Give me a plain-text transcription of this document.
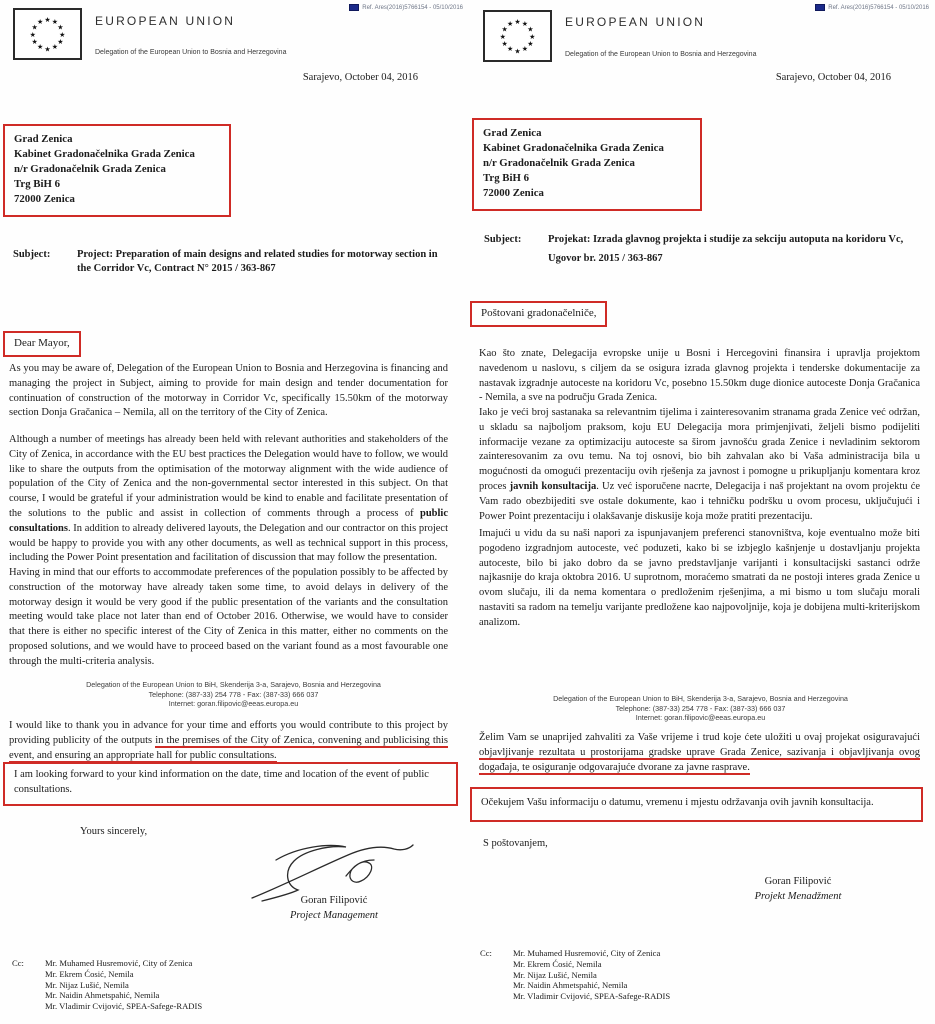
Ref. Ares(2016)5766154 - 05/10/2016
★ ★
★
★
★
★
★
★
★
★
★
★	EUROPEAN UNION
Delegation of the European Union to Bosnia and Herzegovina
Sarajevo, October 04, 2016
Grad Zenica
Kabinet Gradonačelnika Grada Zenica
n/r Gradonačelnik Grada Zenica
Trg BiH 6
72000 Zenica
Subject:	Project: Preparation of main designs and related studies for motorway section in the Corridor Vc, Contract N° 2015 / 363-867
Dear Mayor,
As you may be aware of, Delegation of the European Union to Bosnia and Herzegovina is financing and managing the project in Subject, aiming to provide for main design and tender documentation for continuation of construction of the motorway in Corridor Vc, specifically 15.50km of the motorway section Donja Gračanica – Nemila, all on the territory of the City of Zenica.
Although a number of meetings has already been held with relevant authorities and stakeholders of the City of Zenica, in accordance with the EU best practices the Delegation would have to follow, we would like to share the outputs from the optimisation of the motorway alignment with the wide audience of population of the City of Zenica and the non-governmental sector interested in this subject. On that course, I would be grateful if your administration would be kind to enable and facilitate presentation of the solutions to the public and assist in collection of comments through a process of public consultations. In addition to already delivered layouts, the Delegation and our contractor on this project would be happy to provide you with any other documents, as well as technical support in this process, including the Power Point presentation and facilitation of discussion that may follow the presentation.
Having in mind that our efforts to accommodate preferences of the population possibly to be affected by construction of the motorway have already taken some time, to avoid delays in delivery of the motorway design it would be very good if the public presentation of the variants and the consultation meeting would take place not later than end of October 2016. Otherwise, we would have to consider that there is either no specific interest of the City of Zenica in this matter, either no comments on the proposed solutions, and we would have to proceed based on the variant found as a most favourable one through the multi-criteria analysis.
Delegation of the European Union to BiH, Skenderija 3-a, Sarajevo, Bosnia and Herzegovina
Telephone: (387-33) 254 778 - Fax: (387-33) 666 037
Internet: goran.filipovic@eeas.europa.eu
I would like to thank you in advance for your time and efforts you would contribute to this project by providing publicity of the outputs in the premises of the City of Zenica, convening and publicising this event, and ensuring an appropriate hall for public consultations.
I am looking forward to your kind information on the date, time and location of the event of public consultations.
Yours sincerely,
Goran Filipović
Project Management
Cc:	Mr. Muhamed Husremović, City of Zenica
Mr. Ekrem Ćosić, Nemila
Mr. Nijaz Lušić, Nemila
Mr. Naidin Ahmetspahić, Nemila
Mr. Vladimir Cvijović, SPEA-Safege-RADIS
Ref. Ares(2016)5766154 - 05/10/2016
★ ★
★
★
★
★
★
★
★
★
★
★	EUROPEAN UNION
Delegation of the European Union to Bosnia and Herzegovina
Sarajevo, October 04, 2016
Grad Zenica
Kabinet Gradonačelnika Grada Zenica
n/r Gradonačelnik Grada Zenica
Trg BiH 6
72000 Zenica
Subject:	Projekat: Izrada glavnog projekta i studije za sekciju autoputa na koridoru Vc,
Ugovor br. 2015 / 363-867
Poštovani gradonačelniče,
Kao što znate, Delegacija evropske unije u Bosni i Hercegovini finansira i upravlja projektom navedenom u naslovu, s ciljem da se osigura izrada glavnog projekta i tenderske dokumentacije za nastavak izgradnje autoceste na koridoru Vc, posebno 15.50km duge dionice autoceste Donja Gračanica - Nemila, a sve na području Grada Zenica.
Iako je veći broj sastanaka sa relevantnim tijelima i zainteresovanim stranama grada Zenice već održan, u skladu sa najboljom praksom, koju EU Delegacija mora primjenjivati, željeli bismo podijeliti informacije vezane za optimizaciju autoceste sa širom javnošću grada Zenice i nevladinim sektorom zainteresovanim za ovu temu. Na toj osnovi, bio bih zahvalan ako bi Vaša administracija bila u mogućnosti da omogući prezentaciju ovih rješenja za javnost i pomogne u prikupljanju komentara kroz proces javnih konsultacija. Uz već isporučene nacrte, Delegacija i naš projektant na ovom projektu će Vam rado obezbijediti sve ostale dokumente, kao i tehničku podršku u ovom procesu, uključujući i Power Point prezentaciju i olakšavanje diskusije koja može pratiti prezentaciju.
Imajući u vidu da su naši napori za ispunjavanjem preferenci stanovništva, koje eventualno može biti pogodeno izgradnjom autoceste, već poduzeti, kako bi se izbjeglo kašnjenje u dostavljanju projekta autoceste, bilo bi jako dobro da se javno predstavljanje varijanti i konsultacijski sastanci održe najkasnije do kraja oktobra 2016. U suprotnom, moraćemo smatrati da ne postoji interes grada Zenice u ovom slučaju, ili da nema komentara o predloženim rješenjima, a mi bismo u tom slučaju morali nastaviti sa radom na temelju varijante predložene kao najpovoljnije, koja je dobijena multi-kriterijskom analizom.
Delegation of the European Union to BiH, Skenderija 3-a, Sarajevo, Bosnia and Herzegovina
Telephone: (387-33) 254 778 - Fax: (387-33) 666 037
Internet: goran.filipovic@eeas.europa.eu
Želim Vam se unaprijed zahvaliti za Vaše vrijeme i trud koje ćete uložiti u ovaj projekat osiguravajući objavljivanje rezultata u prostorijama gradske uprave Grada Zenice, sazivanja i objavljivanja ovog događaja, te osiguranje odgovarajuće dvorane za javne rasprave.
Očekujem Vašu informaciju o datumu, vremenu i mjestu održavanja ovih javnih konsultacija.
S poštovanjem,
Goran Filipović
Projekt Menadžment
Cc:	Mr. Muhamed Husremović, City of Zenica
Mr. Ekrem Ćosić, Nemila
Mr. Nijaz Lušić, Nemila
Mr. Naidin Ahmetspahić, Nemila
Mr. Vladimir Cvijović, SPEA-Safege-RADIS
